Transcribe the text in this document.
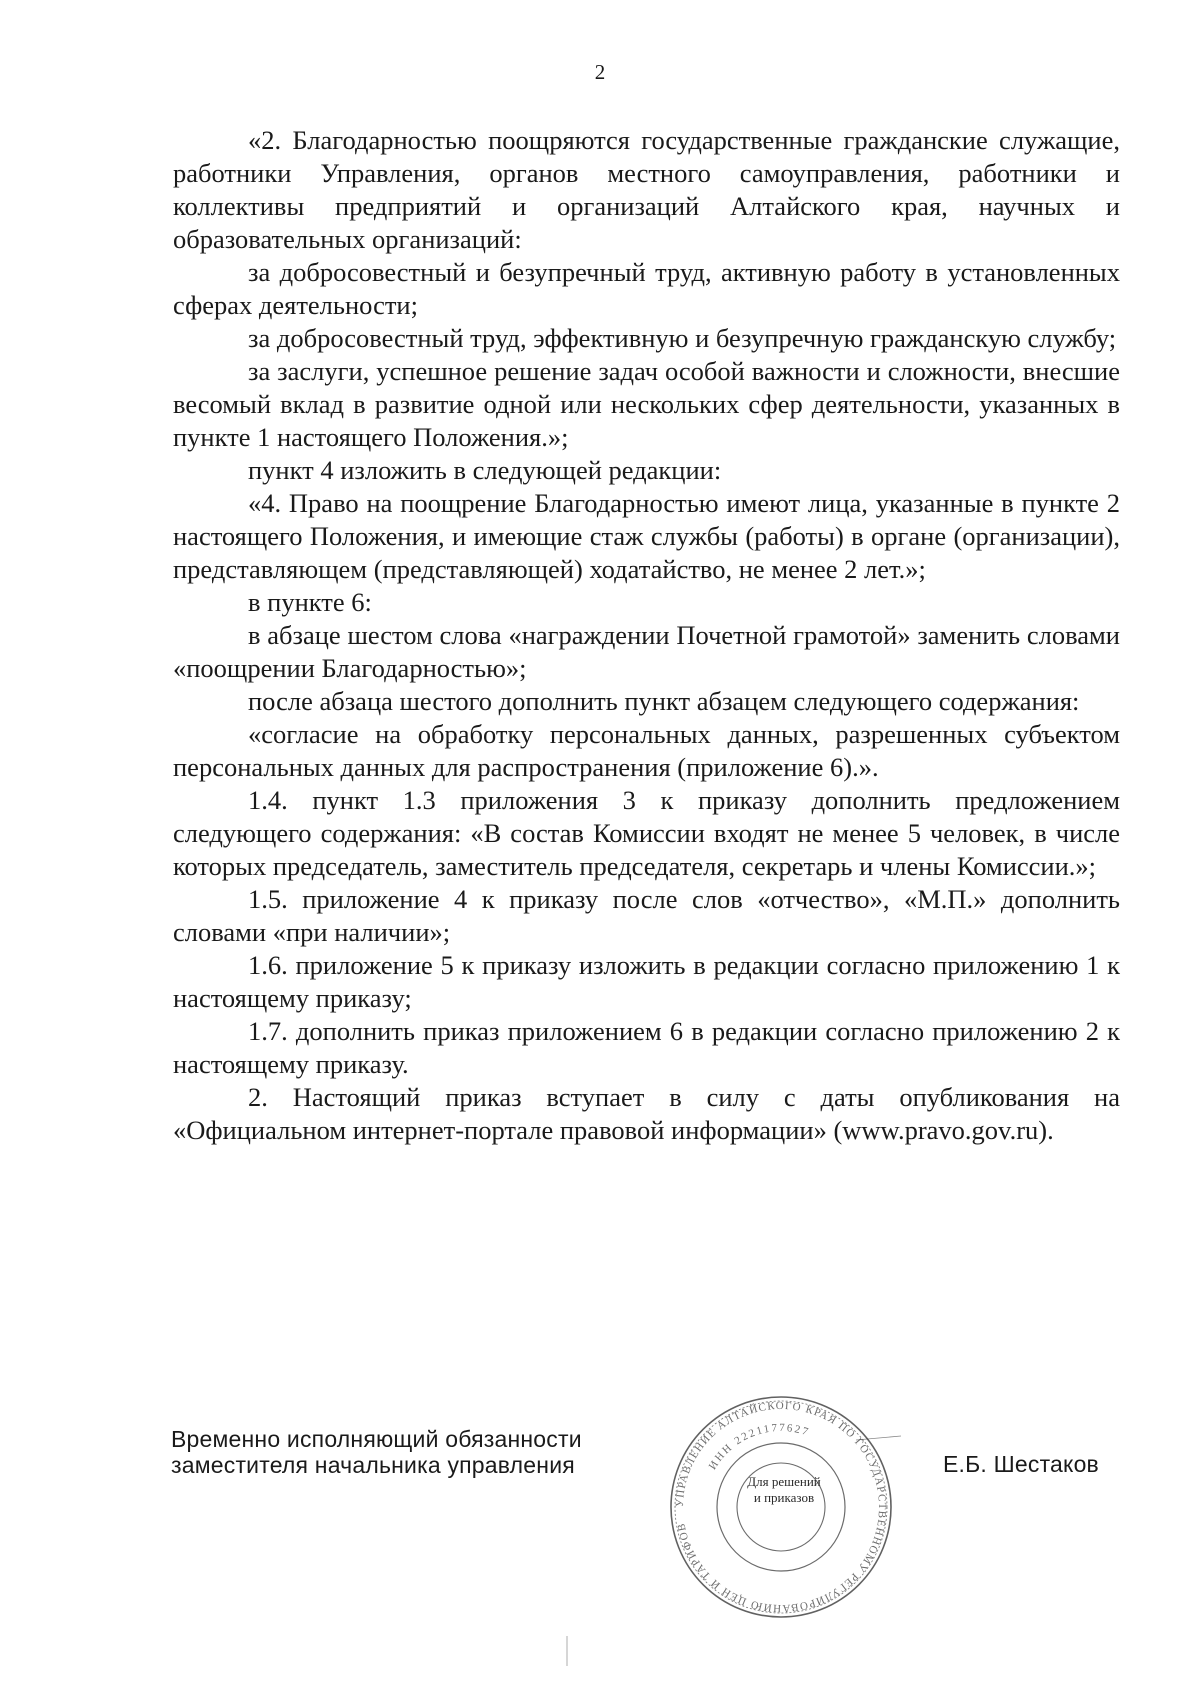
2

«2. Благодарностью поощряются государственные гражданские служащие, работники Управления, органов местного самоуправления, работники и коллективы предприятий и организаций Алтайского края, научных и образовательных организаций:

за добросовестный и безупречный труд, активную работу в установленных сферах деятельности;

за добросовестный труд, эффективную и безупречную гражданскую службу;

за заслуги, успешное решение задач особой важности и сложности, внесшие весомый вклад в развитие одной или нескольких сфер деятельности, указанных в пункте 1 настоящего Положения.»;

пункт 4 изложить в следующей редакции:

«4. Право на поощрение Благодарностью имеют лица, указанные в пункте 2 настоящего Положения, и имеющие стаж службы (работы) в органе (организации), представляющем (представляющей) ходатайство, не менее 2 лет.»;

в пункте 6:

в абзаце шестом слова «награждении Почетной грамотой» заменить словами «поощрении Благодарностью»;

после абзаца шестого дополнить пункт абзацем следующего содержания:

«согласие на обработку персональных данных, разрешенных субъектом персональных данных для распространения (приложение 6).».

1.4. пункт 1.3 приложения 3 к приказу дополнить предложением следующего содержания: «В состав Комиссии входят не менее 5 человек, в числе которых председатель, заместитель председателя, секретарь и члены Комиссии.»;

1.5. приложение 4 к приказу после слов «отчество», «М.П.» дополнить словами «при наличии»;

1.6. приложение 5 к приказу изложить в редакции согласно приложению 1 к настоящему приказу;

1.7. дополнить приказ приложением 6 в редакции согласно приложению 2 к настоящему приказу.

2. Настоящий приказ вступает в силу с даты опубликования на «Официальном интернет-портале правовой информации» (www.pravo.gov.ru).

Временно исполняющий обязанности
заместителя начальника управления	Е.Б. Шестаков
УПРАВЛЕНИЕ АЛТАЙСКОГО КРАЯ ПО ГОСУДАРСТВЕННОМУ РЕГУЛИРОВАНИЮ ЦЕН И ТАРИФОВ
ИНН 2221177627
Для решений
и приказов
